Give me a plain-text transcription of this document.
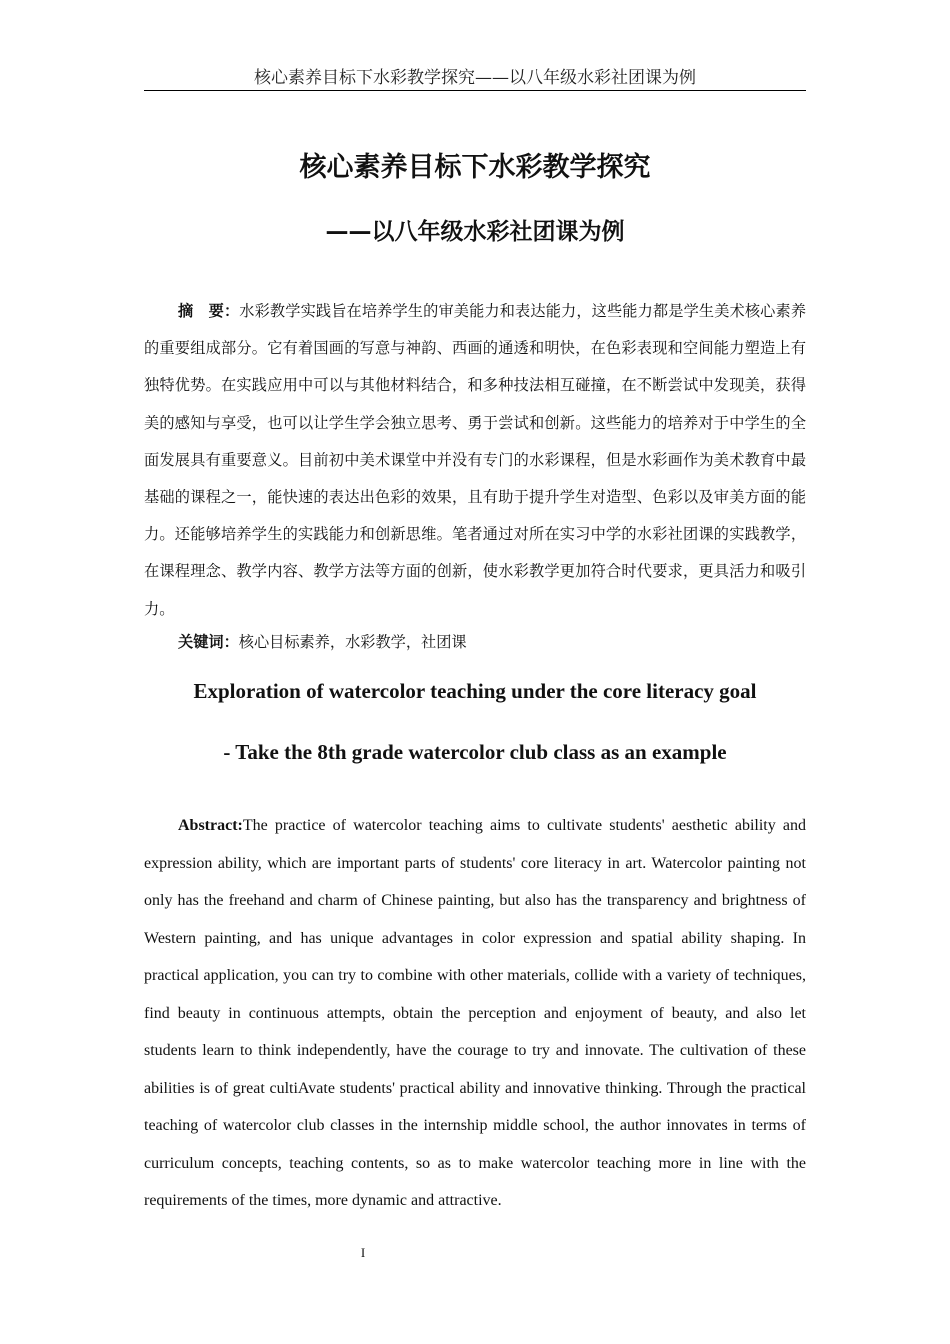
核心素养目标下水彩教学探究——以八年级水彩社团课为例
核心素养目标下水彩教学探究
——以八年级水彩社团课为例

摘　要：水彩教学实践旨在培养学生的审美能力和表达能力，这些能力都是学生美术核心素养的重要组成部分。它有着国画的写意与神韵、西画的通透和明快，在色彩表现和空间能力塑造上有独特优势。在实践应用中可以与其他材料结合，和多种技法相互碰撞，在不断尝试中发现美，获得美的感知与享受，也可以让学生学会独立思考、勇于尝试和创新。这些能力的培养对于中学生的全面发展具有重要意义。目前初中美术课堂中并没有专门的水彩课程，但是水彩画作为美术教育中最基础的课程之一，能快速的表达出色彩的效果，且有助于提升学生对造型、色彩以及审美方面的能力。还能够培养学生的实践能力和创新思维。笔者通过对所在实习中学的水彩社团课的实践教学，在课程理念、教学内容、教学方法等方面的创新，使水彩教学更加符合时代要求，更具活力和吸引力。

关键词：核心目标素养，水彩教学，社团课

Exploration of watercolor teaching under the core literacy goal
- Take the 8th grade watercolor club class as an example

Abstract:The practice of watercolor teaching aims to cultivate students' aesthetic ability and expression ability, which are important parts of students' core literacy in art. Watercolor painting not only has the freehand and charm of Chinese painting, but also has the transparency and brightness of Western painting, and has unique advantages in color expression and spatial ability shaping. In practical application, you can try to combine with other materials, collide with a variety of techniques, find beauty in continuous attempts, obtain the perception and enjoyment of beauty, and also let students learn to think independently, have the courage to try and innovate. The cultivation of these abilities is of great cultiAvate students' practical ability and innovative thinking. Through the practical teaching of watercolor club classes in the internship middle school, the author innovates in terms of curriculum concepts, teaching contents, so as to make watercolor teaching more in line with the requirements of the times, more dynamic and attractive.

I
